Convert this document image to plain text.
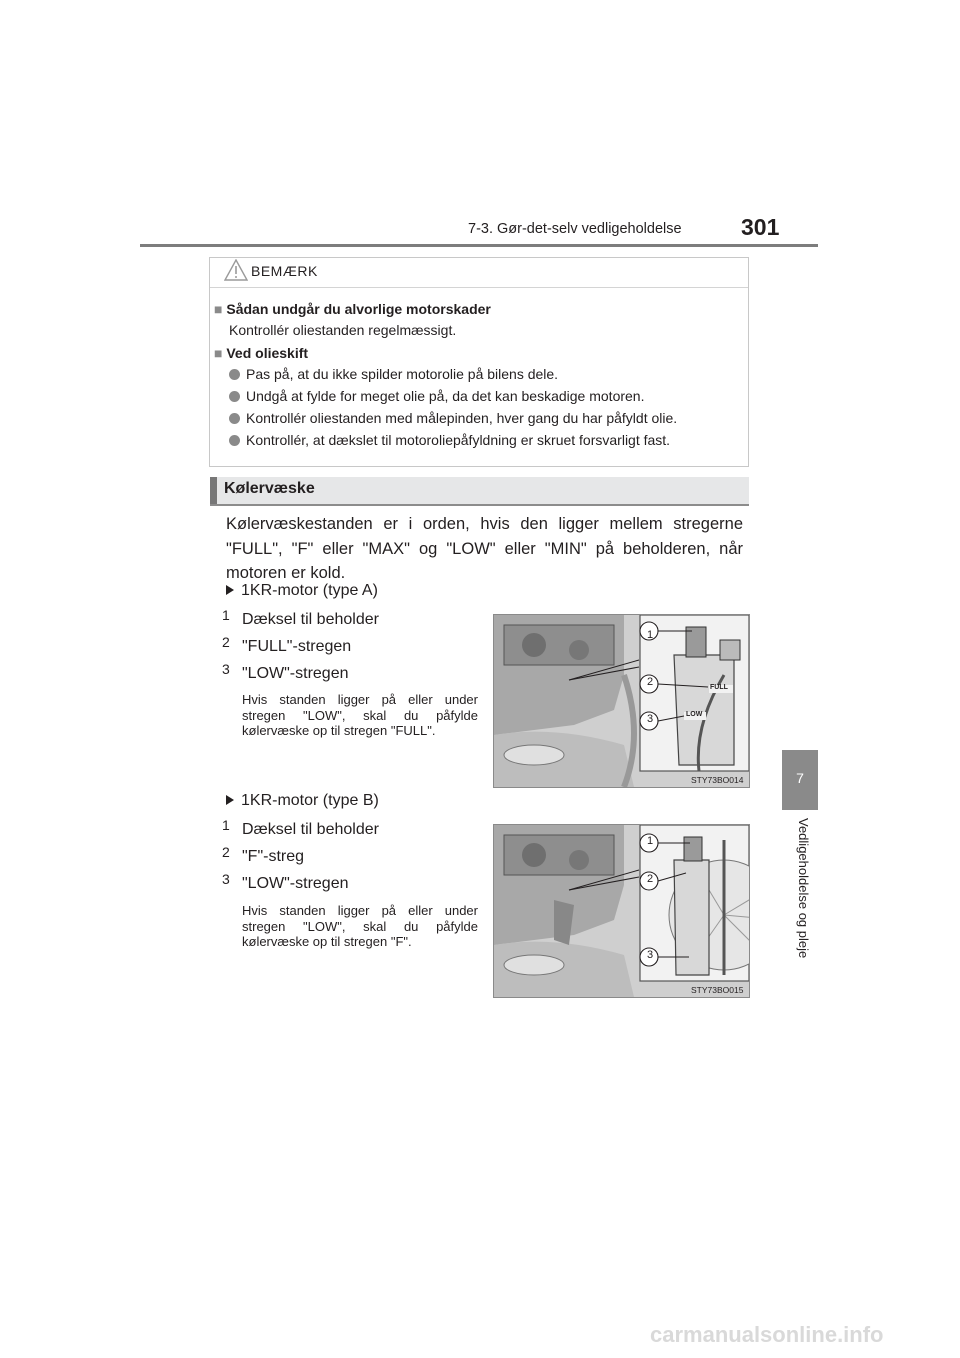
7-3. Gør-det-selv vedligeholdelse	301
7
Vedligeholdelse og pleje
BEMÆRK
■ Sådan undgår du alvorlige motorskader
Kontrollér oliestanden regelmæssigt.
■ Ved olieskift
Pas på, at du ikke spilder motorolie på bilens dele.
Undgå at fylde for meget olie på, da det kan beskadige motoren.
Kontrollér oliestanden med målepinden, hver gang du har påfyldt olie.
Kontrollér, at dækslet til motoroliepåfyldning er skruet forsvarligt fast.
Kølervæske
Kølervæskestanden er i orden, hvis den ligger mellem stregerne "FULL", "F" eller "MAX" og "LOW" eller "MIN" på beholderen, når motoren er kold.
1KR-motor (type A)
1 Dæksel til beholder
2 "FULL"-stregen
3 "LOW"-stregen
Hvis standen ligger på eller under stregen "LOW", skal du påfylde kølervæske op til stregen "FULL".
1
2
3
FULL
LOW
STY73BO014
1KR-motor (type B)
1 Dæksel til beholder
2 "F"-streg
3 "LOW"-stregen
Hvis standen ligger på eller under stregen "LOW", skal du påfylde kølervæske op til stregen "F".
1
2
3
STY73BO015
carmanualsonline.info
